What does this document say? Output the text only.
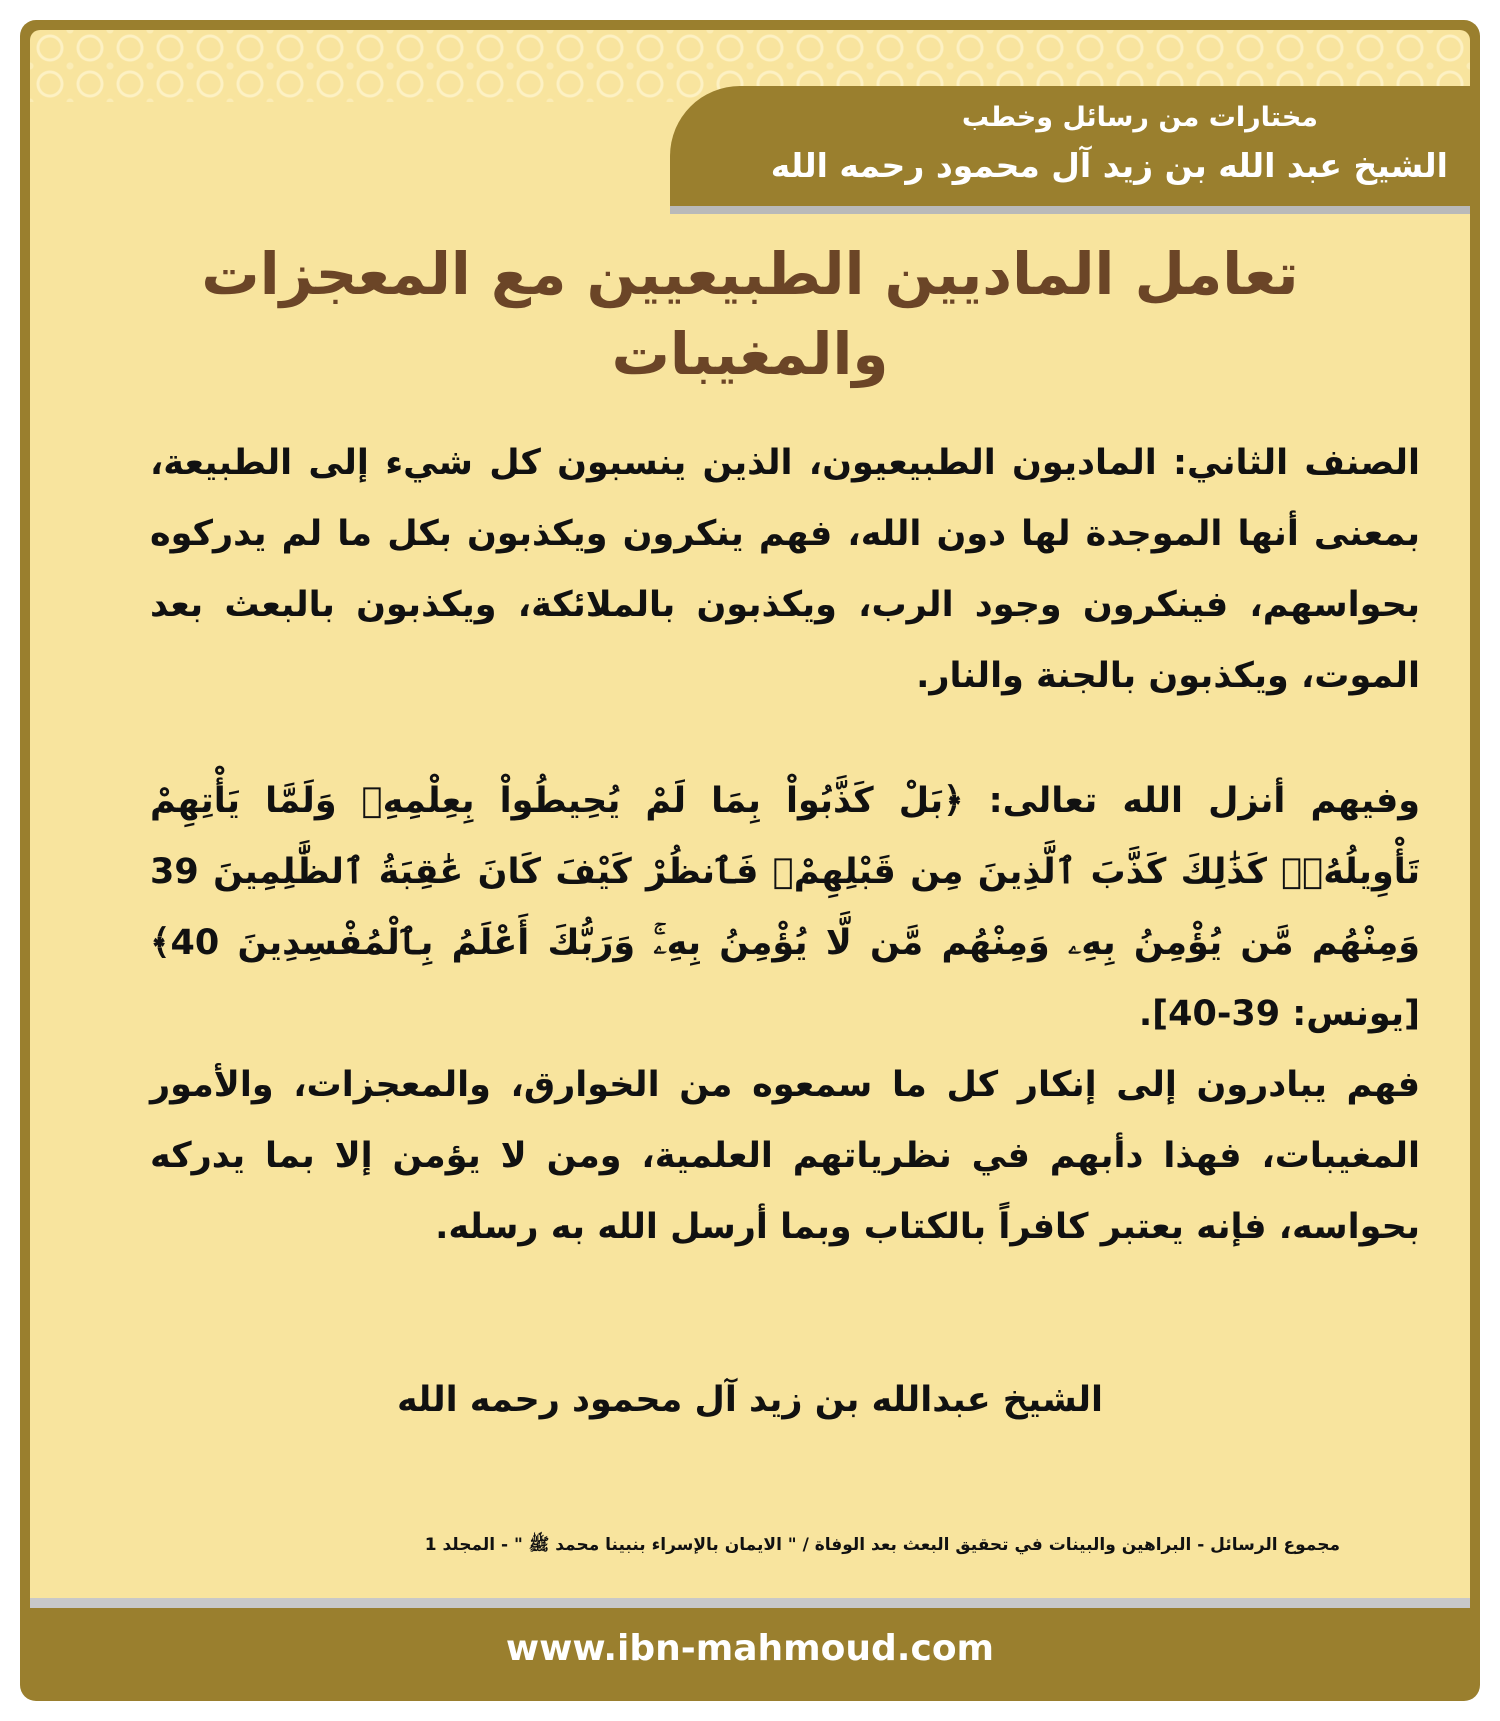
مختارات من رسائل وخطب
الشيخ عبد الله بن زيد آل محمود رحمه الله
تعامل الماديين الطبيعيين مع المعجزات والمغيبات

الصنف الثاني: الماديون الطبيعيون، الذين ينسبون كل شيء إلى الطبيعة، بمعنى أنها الموجدة لها دون الله، فهم ينكرون ويكذبون بكل ما لم يدركوه بحواسهم، فينكرون وجود الرب، ويكذبون بالملائكة، ويكذبون بالبعث بعد الموت، ويكذبون بالجنة والنار.

وفيهم أنزل الله تعالى: ﴿بَلْ كَذَّبُواْ بِمَا لَمْ يُحِيطُواْ بِعِلْمِهِۦ وَلَمَّا يَأْتِهِمْ تَأْوِيلُهُۥۚ كَذَٰلِكَ كَذَّبَ ٱلَّذِينَ مِن قَبْلِهِمْۖ فَٱنظُرْ كَيْفَ كَانَ عَٰقِبَةُ ٱلظَّٰلِمِينَ 39 وَمِنْهُم مَّن يُؤْمِنُ بِهِۦ وَمِنْهُم مَّن لَّا يُؤْمِنُ بِهِۦۚ وَرَبُّكَ أَعْلَمُ بِٱلْمُفْسِدِينَ 40﴾ [يونس: 39-40].

فهم يبادرون إلى إنكار كل ما سمعوه من الخوارق، والمعجزات، والأمور المغيبات، فهذا دأبهم في نظرياتهم العلمية، ومن لا يؤمن إلا بما يدركه بحواسه، فإنه يعتبر كافراً بالكتاب وبما أرسل الله به رسله.

الشيخ عبدالله بن زيد آل محمود رحمه الله
مجموع الرسائل - البراهين والبينات في تحقيق البعث بعد الوفاة / " الايمان بالإسراء بنبينا محمد ﷺ " - المجلد 1
www.ibn-mahmoud.com
